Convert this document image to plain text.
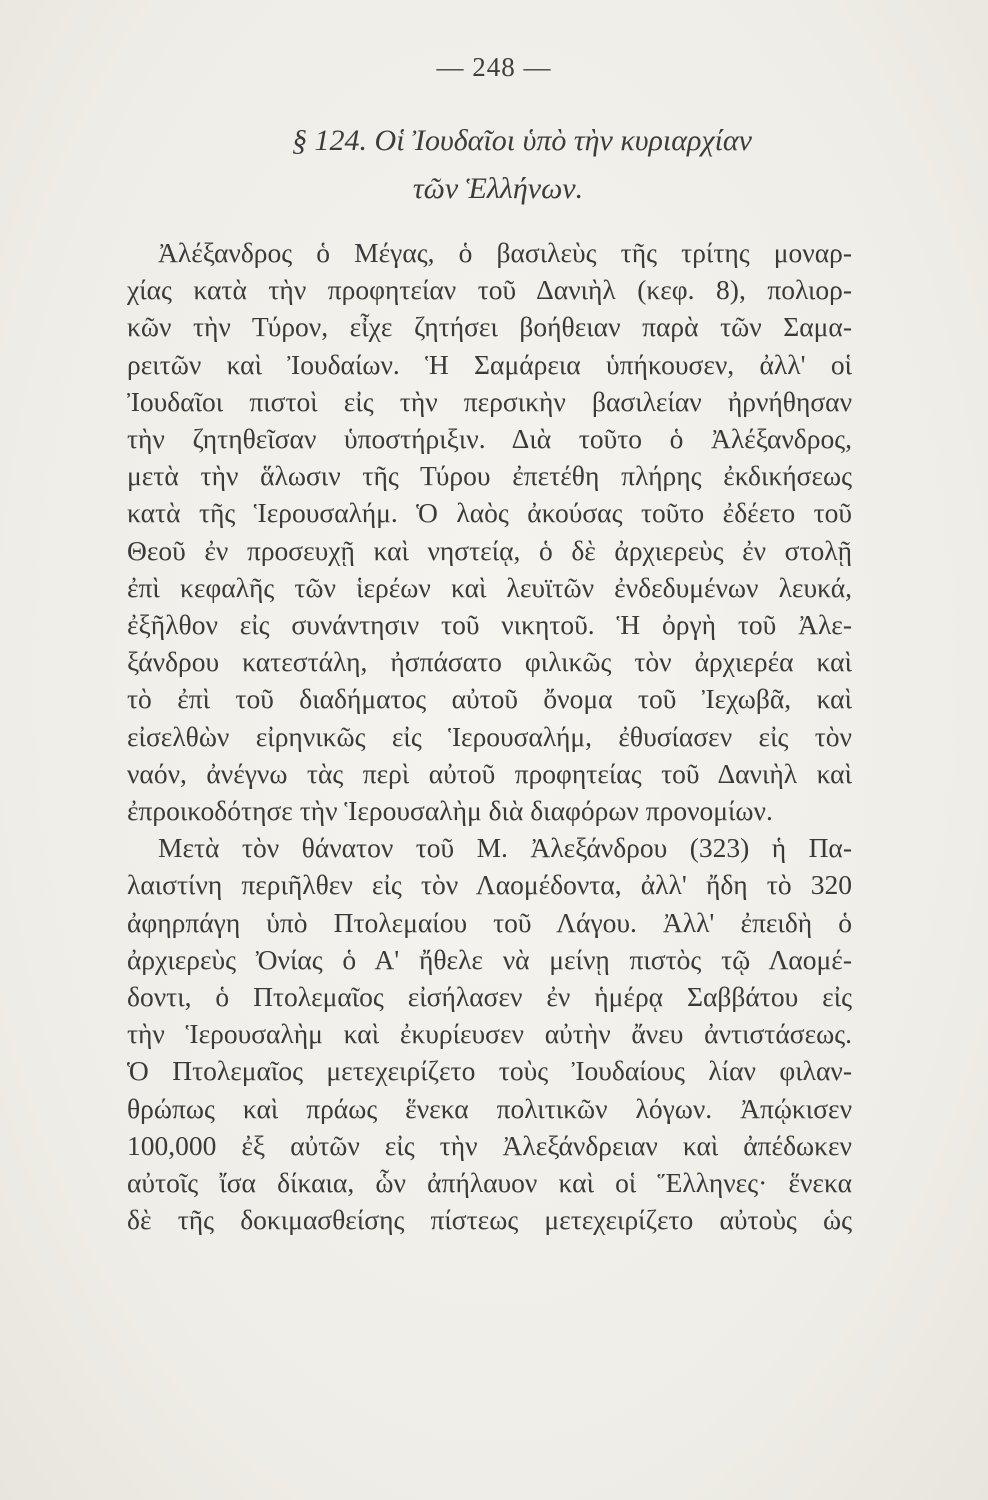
— 248 —
§ 124. Οἱ Ἰουδαῖοι ὑπὸ τὴν κυριαρχίαν
τῶν Ἑλλήνων.
Ἀλέξανδρος ὁ Μέγας, ὁ βασιλεὺς τῆς τρίτης μοναρ-
χίας κατὰ τὴν προφητείαν τοῦ Δανιὴλ (κεφ. 8), πολιορ-
κῶν τὴν Τύρον, εἶχε ζητήσει βοήθειαν παρὰ τῶν Σαμα-
ρειτῶν καὶ Ἰουδαίων. Ἡ Σαμάρεια ὑπήκουσεν, ἀλλ' οἱ
Ἰουδαῖοι πιστοὶ εἰς τὴν περσικὴν βασιλείαν ἠρνήθησαν
τὴν ζητηθεῖσαν ὑποστήριξιν. Διὰ τοῦτο ὁ Ἀλέξανδρος,
μετὰ τὴν ἅλωσιν τῆς Τύρου ἐπετέθη πλήρης ἐκδικήσεως
κατὰ τῆς Ἱερουσαλήμ. Ὁ λαὸς ἀκούσας τοῦτο ἐδέετο τοῦ
Θεοῦ ἐν προσευχῇ καὶ νηστείᾳ, ὁ δὲ ἀρχιερεὺς ἐν στολῇ
ἐπὶ κεφαλῆς τῶν ἱερέων καὶ λευϊτῶν ἐνδεδυμένων λευκά,
ἐξῆλθον εἰς συνάντησιν τοῦ νικητοῦ. Ἡ ὀργὴ τοῦ Ἀλε-
ξάνδρου κατεστάλη, ἠσπάσατο φιλικῶς τὸν ἀρχιερέα καὶ
τὸ ἐπὶ τοῦ διαδήματος αὐτοῦ ὄνομα τοῦ Ἰεχωβᾶ, καὶ
εἰσελθὼν εἰρηνικῶς εἰς Ἱερουσαλήμ, ἐθυσίασεν εἰς τὸν
ναόν, ἀνέγνω τὰς περὶ αὐτοῦ προφητείας τοῦ Δανιὴλ καὶ
ἐπροικοδότησε τὴν Ἱερουσαλὴμ διὰ διαφόρων προνομίων.
Μετὰ τὸν θάνατον τοῦ Μ. Ἀλεξάνδρου (323) ἡ Πα-
λαιστίνη περιῆλθεν εἰς τὸν Λαομέδοντα, ἀλλ' ἤδη τὸ 320
ἀφηρπάγη ὑπὸ Πτολεμαίου τοῦ Λάγου. Ἀλλ' ἐπειδὴ ὁ
ἀρχιερεὺς Ὀνίας ὁ Α' ἤθελε νὰ μείνῃ πιστὸς τῷ Λαομέ-
δοντι, ὁ Πτολεμαῖος εἰσήλασεν ἐν ἡμέρᾳ Σαββάτου εἰς
τὴν Ἱερουσαλὴμ καὶ ἐκυρίευσεν αὐτὴν ἄνευ ἀντιστάσεως.
Ὁ Πτολεμαῖος μετεχειρίζετο τοὺς Ἰουδαίους λίαν φιλαν-
θρώπως καὶ πράως ἕνεκα πολιτικῶν λόγων. Ἀπῴκισεν
100,000 ἐξ αὐτῶν εἰς τὴν Ἀλεξάνδρειαν καὶ ἀπέδωκεν
αὐτοῖς ἴσα δίκαια, ὧν ἀπήλαυον καὶ οἱ Ἕλληνες· ἕνεκα
δὲ τῆς δοκιμασθείσης πίστεως μετεχειρίζετο αὐτοὺς ὡς
